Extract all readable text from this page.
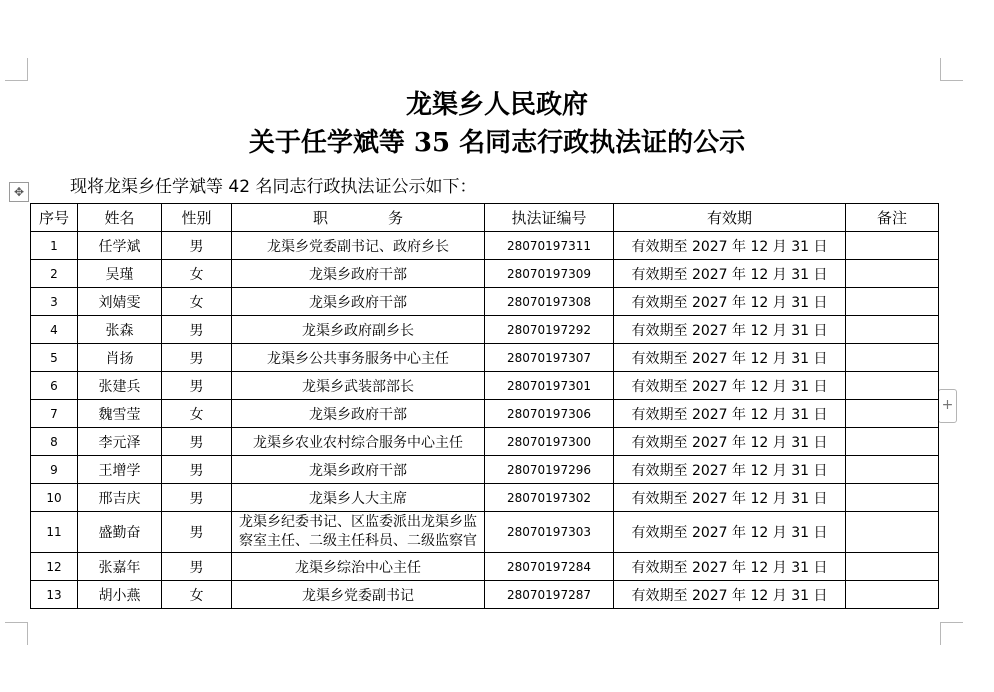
龙渠乡人民政府
关于任学斌等 35 名同志行政执法证的公示
✥	现将龙渠乡任学斌等 42 名同志行政执法证公示如下：
+
序号	姓名	性别	职　　　　务	执法证编号	有效期	备注
1	任学斌	男	龙渠乡党委副书记、政府乡长	28070197311	有效期至 2027 年 12 月 31 日	
2	吴瑾	女	龙渠乡政府干部	28070197309	有效期至 2027 年 12 月 31 日	
3	刘婧雯	女	龙渠乡政府干部	28070197308	有效期至 2027 年 12 月 31 日	
4	张森	男	龙渠乡政府副乡长	28070197292	有效期至 2027 年 12 月 31 日	
5	肖扬	男	龙渠乡公共事务服务中心主任	28070197307	有效期至 2027 年 12 月 31 日	
6	张建兵	男	龙渠乡武装部部长	28070197301	有效期至 2027 年 12 月 31 日	
7	魏雪莹	女	龙渠乡政府干部	28070197306	有效期至 2027 年 12 月 31 日	
8	李元泽	男	龙渠乡农业农村综合服务中心主任	28070197300	有效期至 2027 年 12 月 31 日	
9	王增学	男	龙渠乡政府干部	28070197296	有效期至 2027 年 12 月 31 日	
10	邢吉庆	男	龙渠乡人大主席	28070197302	有效期至 2027 年 12 月 31 日	
11	盛勤奋	男	龙渠乡纪委书记、区监委派出龙渠乡监察室主任、二级主任科员、二级监察官	28070197303	有效期至 2027 年 12 月 31 日	
12	张嘉年	男	龙渠乡综治中心主任	28070197284	有效期至 2027 年 12 月 31 日	
13	胡小燕	女	龙渠乡党委副书记	28070197287	有效期至 2027 年 12 月 31 日	
